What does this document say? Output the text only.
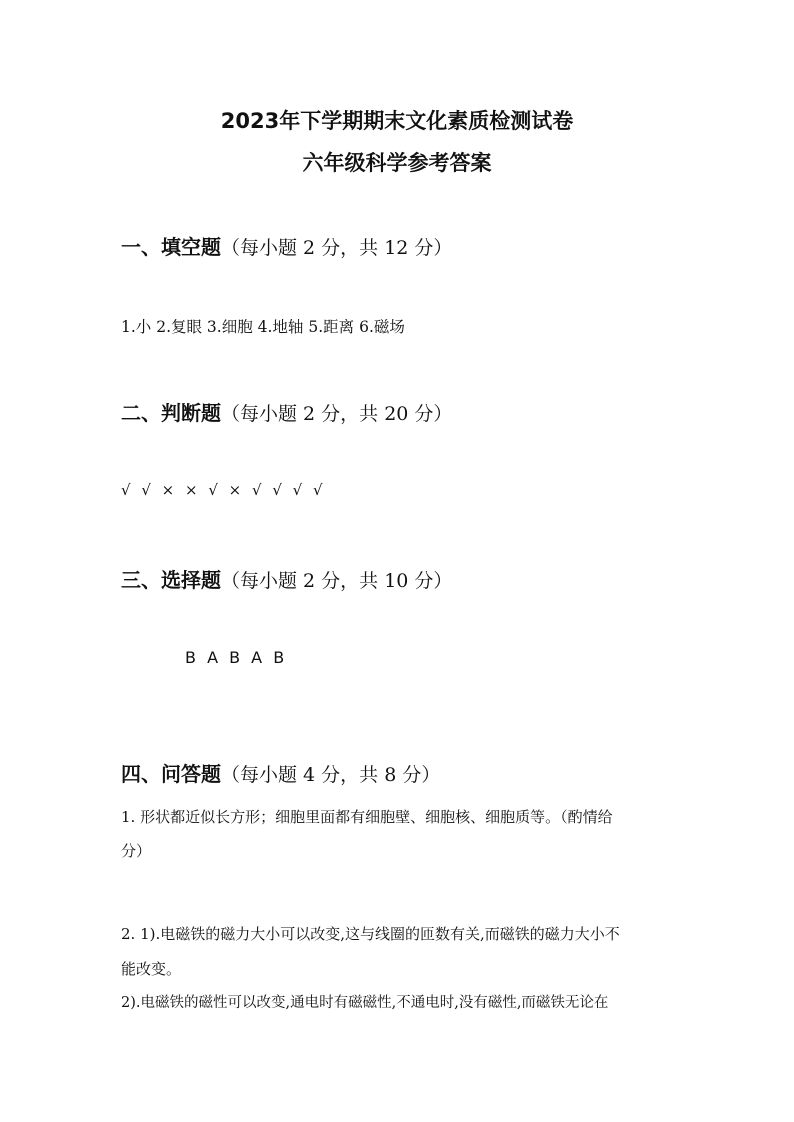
2023年下学期期末文化素质检测试卷
六年级科学参考答案
一、填空题（每小题 2 分，共 12 分）
1.小 2.复眼 3.细胞 4.地轴 5.距离 6.磁场
二、判断题（每小题 2 分，共 20 分）
√ √ × × √ × √ √ √ √
三、选择题（每小题 2 分，共 10 分）
B A B A B
四、问答题（每小题 4 分，共 8 分）
1. 形状都近似长方形；细胞里面都有细胞壁、细胞核、细胞质等。（酌情给
分）
2. 1).电磁铁的磁力大小可以改变,这与线圈的匝数有关,而磁铁的磁力大小不
能改变。
2).电磁铁的磁性可以改变,通电时有磁磁性,不通电时,没有磁性,而磁铁无论在
